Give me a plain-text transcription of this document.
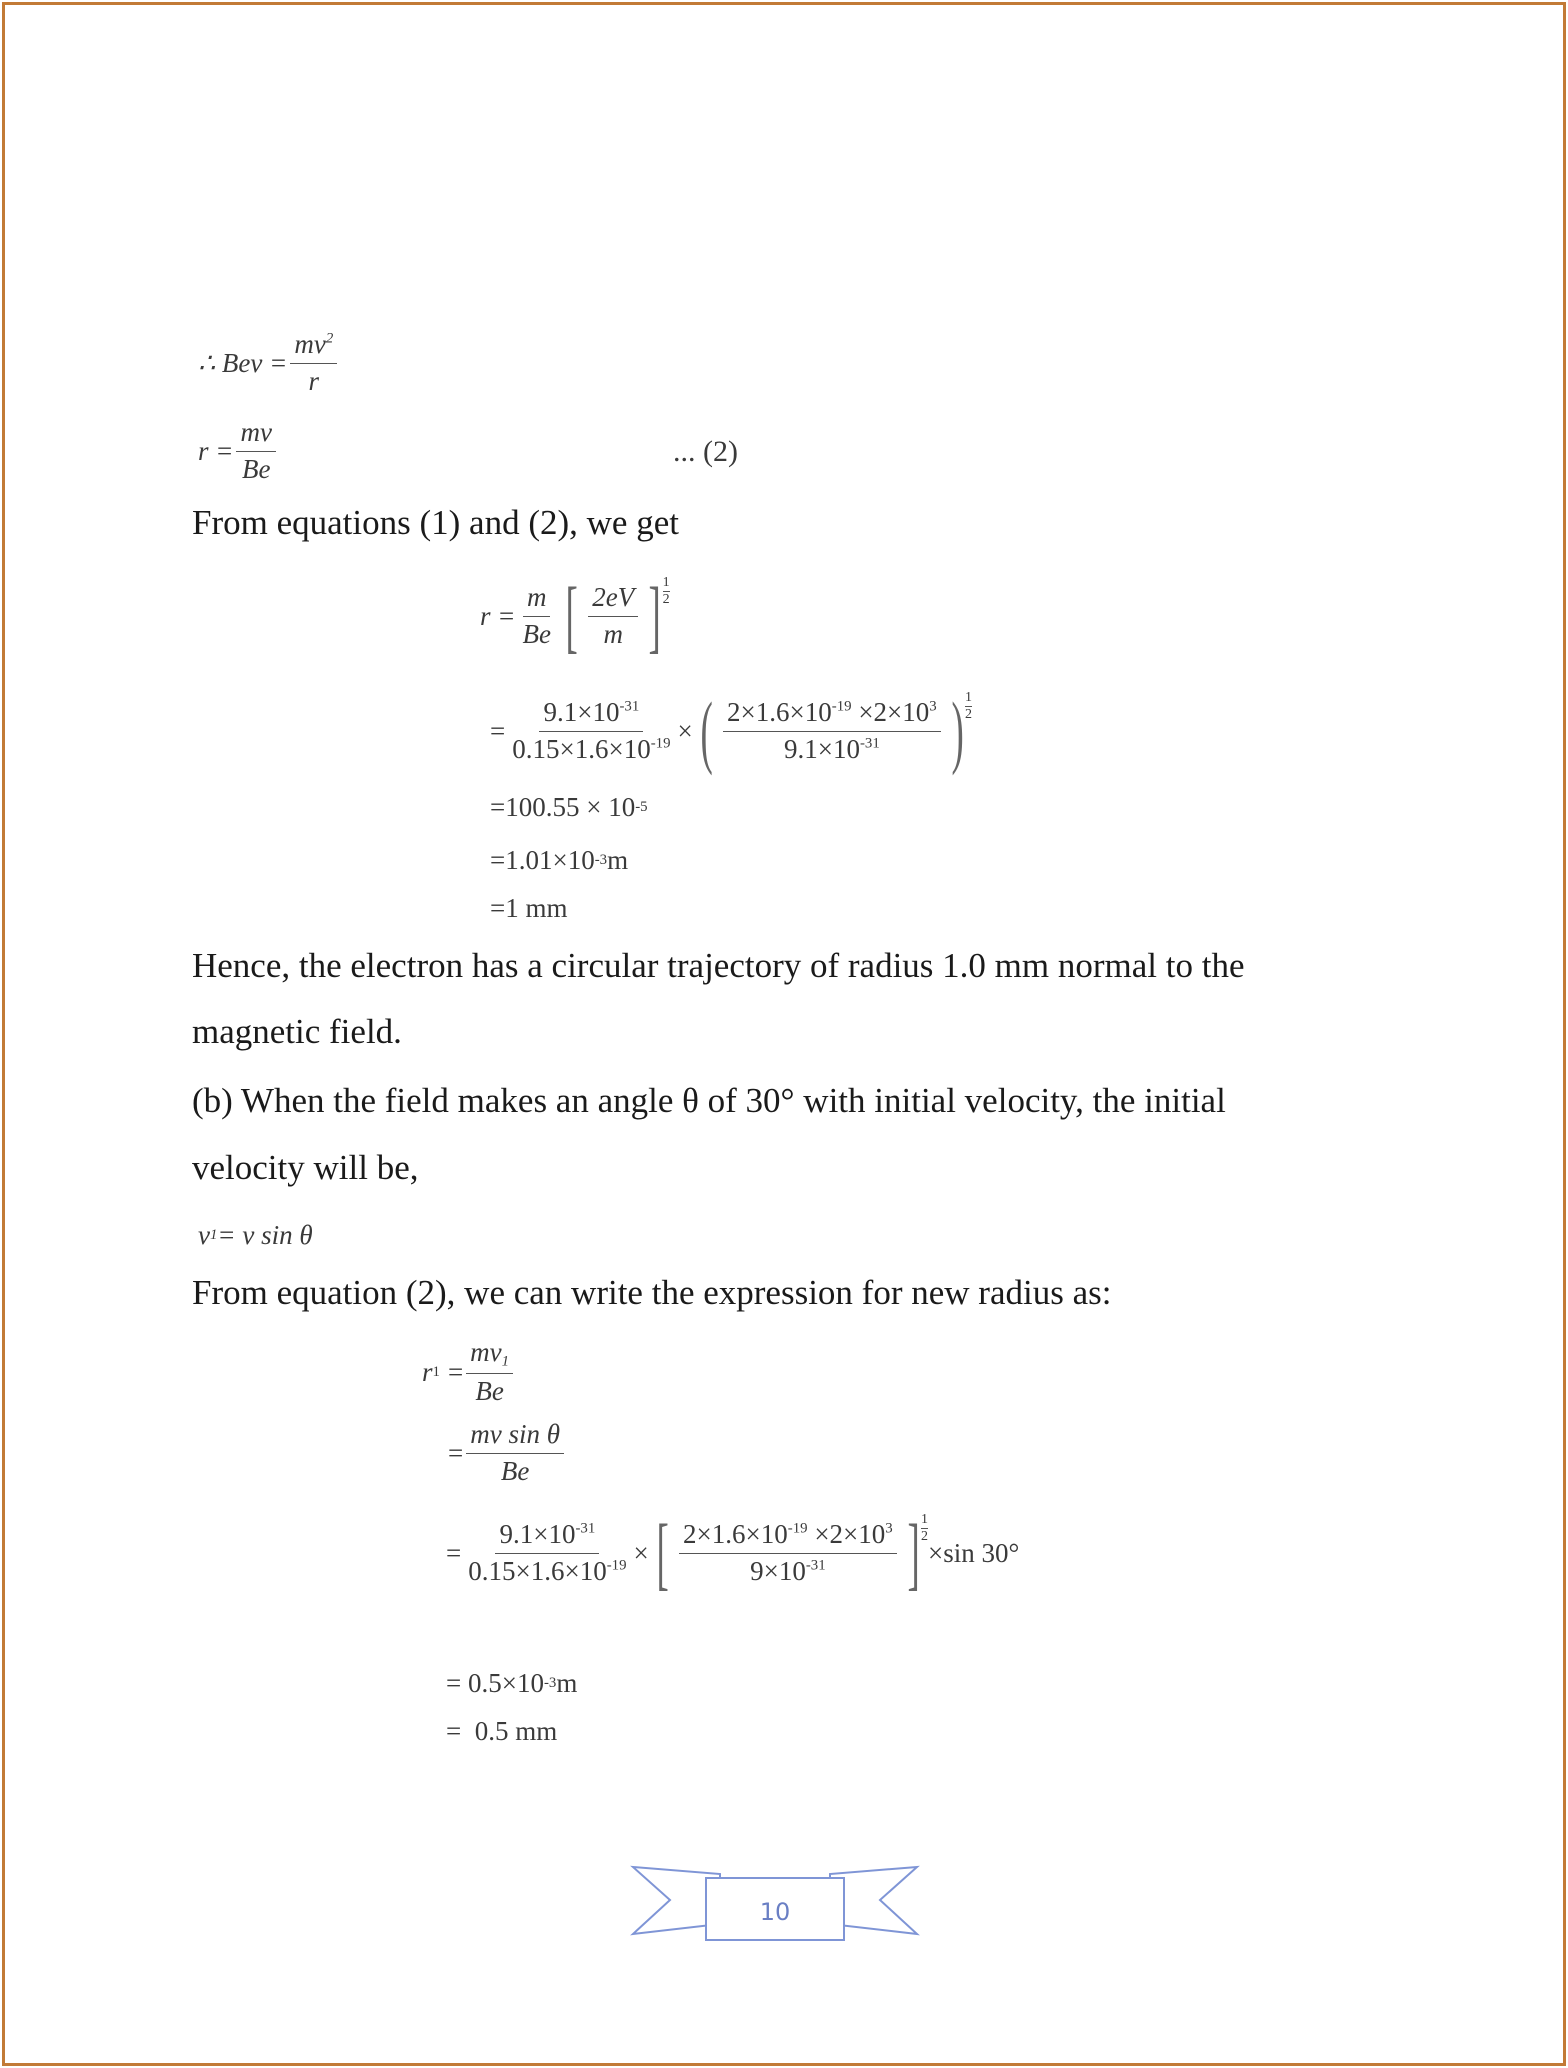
∴ Bev = $\frac{mv^2}{r}$
$r = \frac{mv}{Be}$	... (2)
From equations (1) and (2), we get
$r = \frac{m}{Be}$ [ $\frac{2eV}{m}$ ] $\frac{1}{2}$
= $\frac{9.1\times 10^{-31}}{0.15\times 1.6\times 10^{-19}}$ × ( $\frac{2\times 1.6\times 10^{-19} \times 2\times 10^3}{9.1\times 10^{-31}}$ ) $\frac{1}{2}$
=100.55 × 10 -5
=1.01×10 -3 m
=1 mm
Hence, the electron has a circular trajectory of radius 1.0 mm normal to the
magnetic field.
(b) When the field makes an angle θ of 30° with initial velocity, the initial
velocity will be,
v 1 = v sin θ
From equation (2), we can write the expression for new radius as:
r $1 = \frac{mv_1}{Be}$
= $\frac{\text{mv sin θ}}{Be}$
= $\frac{9.1\times 10^{-31}}{0.15\times 1.6\times 10^{-19}}$ × [ $\frac{2\times 1.6\times 10^{-19} \times 2\times 10^3}{9\times 10^{-31}}$ ] $\frac{1}{2}$
×sin 30°
= 0.5×10 -3 m
=  0.5 mm
10
